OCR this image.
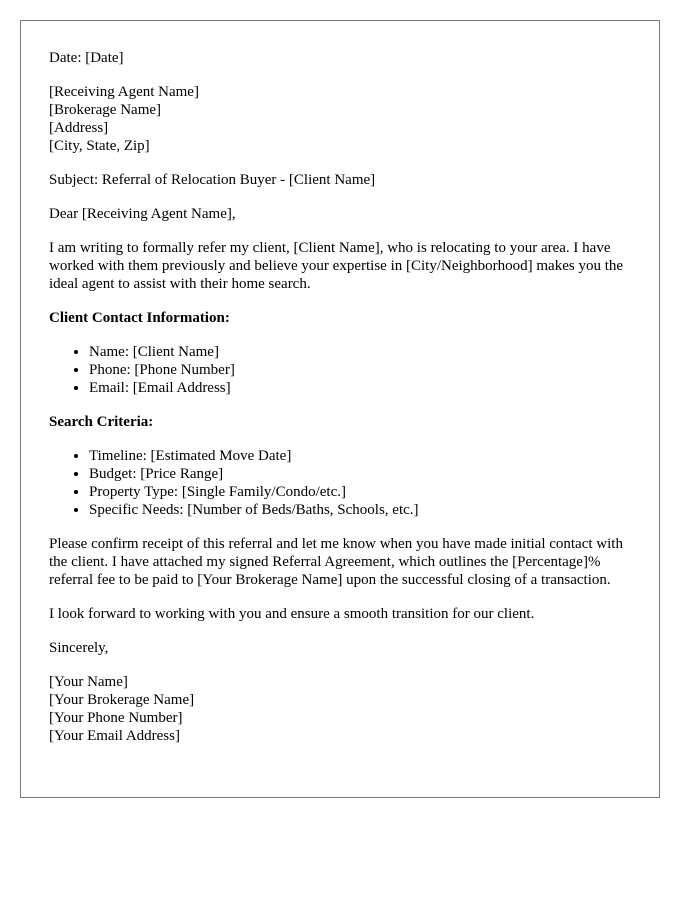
Date: [Date]
[Receiving Agent Name]
[Brokerage Name]
[Address]
[City, State, Zip]
Subject: Referral of Relocation Buyer - [Client Name]
Dear [Receiving Agent Name],
I am writing to formally refer my client, [Client Name], who is relocating to your area. I have worked with them previously and believe your expertise in [City/Neighborhood] makes you the ideal agent to assist with their home search.
Client Contact Information:
• Name: [Client Name]
• Phone: [Phone Number]
• Email: [Email Address]
Search Criteria:
• Timeline: [Estimated Move Date]
• Budget: [Price Range]
• Property Type: [Single Family/Condo/etc.]
• Specific Needs: [Number of Beds/Baths, Schools, etc.]
Please confirm receipt of this referral and let me know when you have made initial contact with the client. I have attached my signed Referral Agreement, which outlines the [Percentage]% referral fee to be paid to [Your Brokerage Name] upon the successful closing of a transaction.
I look forward to working with you and ensure a smooth transition for our client.
Sincerely,
[Your Name]
[Your Brokerage Name]
[Your Phone Number]
[Your Email Address]
